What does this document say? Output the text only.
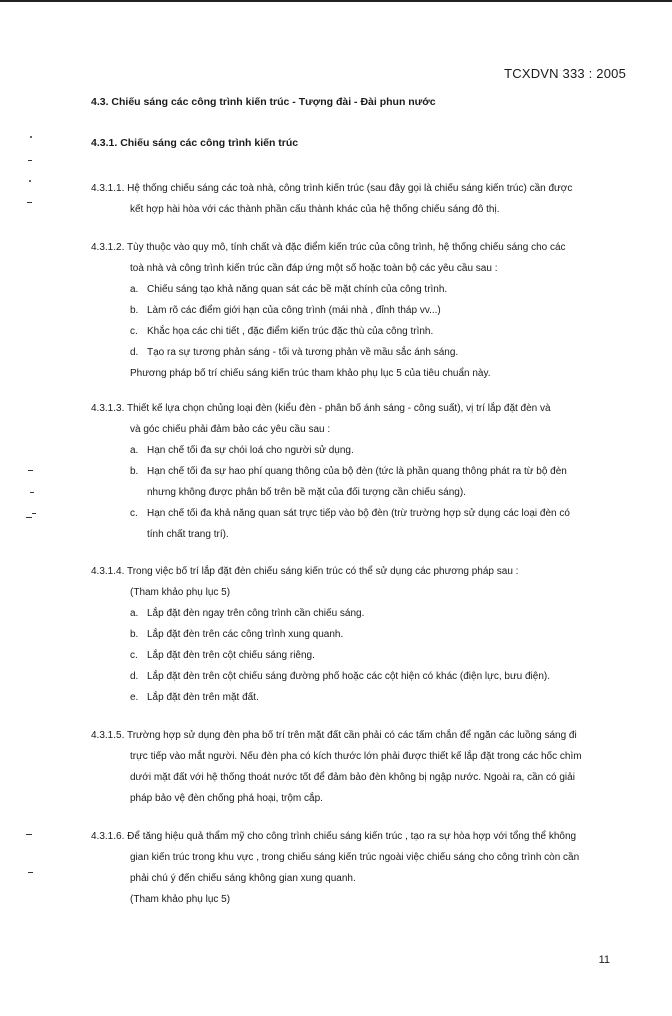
TCXDVN 333 : 2005
4.3. Chiếu sáng các công trình kiến trúc - Tượng đài - Đài phun nước
4.3.1. Chiếu sáng các công trình kiến trúc
4.3.1.1. Hệ thống chiếu sáng các toà nhà, công trình kiến trúc (sau đây gọi là chiếu sáng kiến trúc) cần được
kết hợp hài hòa với các thành phần cấu thành khác của hệ thống chiếu sáng đô thị.
4.3.1.2. Tùy thuộc vào quy mô, tính chất và đặc điểm kiến trúc của công trình, hệ thống chiếu sáng cho các
toà nhà và công trình kiến trúc cần đáp ứng một số hoặc toàn bộ các yêu cầu sau :
a. Chiếu sáng tạo khả năng quan sát các bề mặt chính của công trình.
b. Làm rõ các điểm giới hạn của công trình (mái nhà , đỉnh tháp vv...)
c. Khắc họa các chi tiết , đặc điểm kiến trúc đặc thù của công trình.
d. Tạo ra sự tương phản sáng - tối và tương phản về mầu sắc ánh sáng.
Phương pháp bố trí chiếu sáng kiến trúc tham khảo phụ lục 5 của tiêu chuẩn này.
4.3.1.3. Thiết kế lựa chọn chủng loại đèn (kiểu đèn - phân bố ánh sáng - công suất), vị trí lắp đặt đèn và
và góc chiếu phải đảm bảo các yêu cầu sau :
a. Hạn chế tối đa sự chói loá cho người sử dụng.
b. Hạn chế tối đa sự hao phí quang thông của bộ đèn (tức là phần quang thông phát ra từ bộ đèn
nhưng không được phân bố trên bề mặt của đối tượng cần chiếu sáng).
c. Hạn chế tối đa khả năng quan sát trực tiếp vào bộ đèn (trừ trường hợp sử dụng các loại đèn có
tính chất trang trí).
4.3.1.4. Trong việc bố trí lắp đặt đèn chiếu sáng kiến trúc có thể sử dụng các phương pháp sau :
(Tham khảo phụ lục 5)
a. Lắp đặt đèn ngay trên công trình cần chiếu sáng.
b. Lắp đặt đèn trên các công trình xung quanh.
c. Lắp đặt đèn trên cột chiếu sáng riêng.
d. Lắp đặt đèn trên cột chiếu sáng đường phố hoặc các cột hiện có khác (điện lực, bưu điện).
e. Lắp đặt đèn trên mặt đất.
4.3.1.5. Trường hợp sử dụng đèn pha bố trí trên mặt đất cần phải có các tấm chắn để ngăn các luồng sáng đi
trực tiếp vào mắt người. Nếu đèn pha có kích thước lớn phải được thiết kế lắp đặt trong các hốc chìm
dưới mặt đất với hệ thống thoát nước tốt để đảm bảo đèn không bị ngập nước. Ngoài ra, cần có giải
pháp bảo vệ đèn chống phá hoại, trộm cắp.
4.3.1.6. Để tăng hiệu quả thẩm mỹ cho công trình chiếu sáng kiến trúc , tạo ra sự hòa hợp với tổng thể không
gian kiến trúc trong khu vực , trong chiếu sáng kiến trúc ngoài việc chiếu sáng cho công trình còn cần
phải chú ý đến chiếu sáng không gian xung quanh.
(Tham khảo phụ lục 5)
11
